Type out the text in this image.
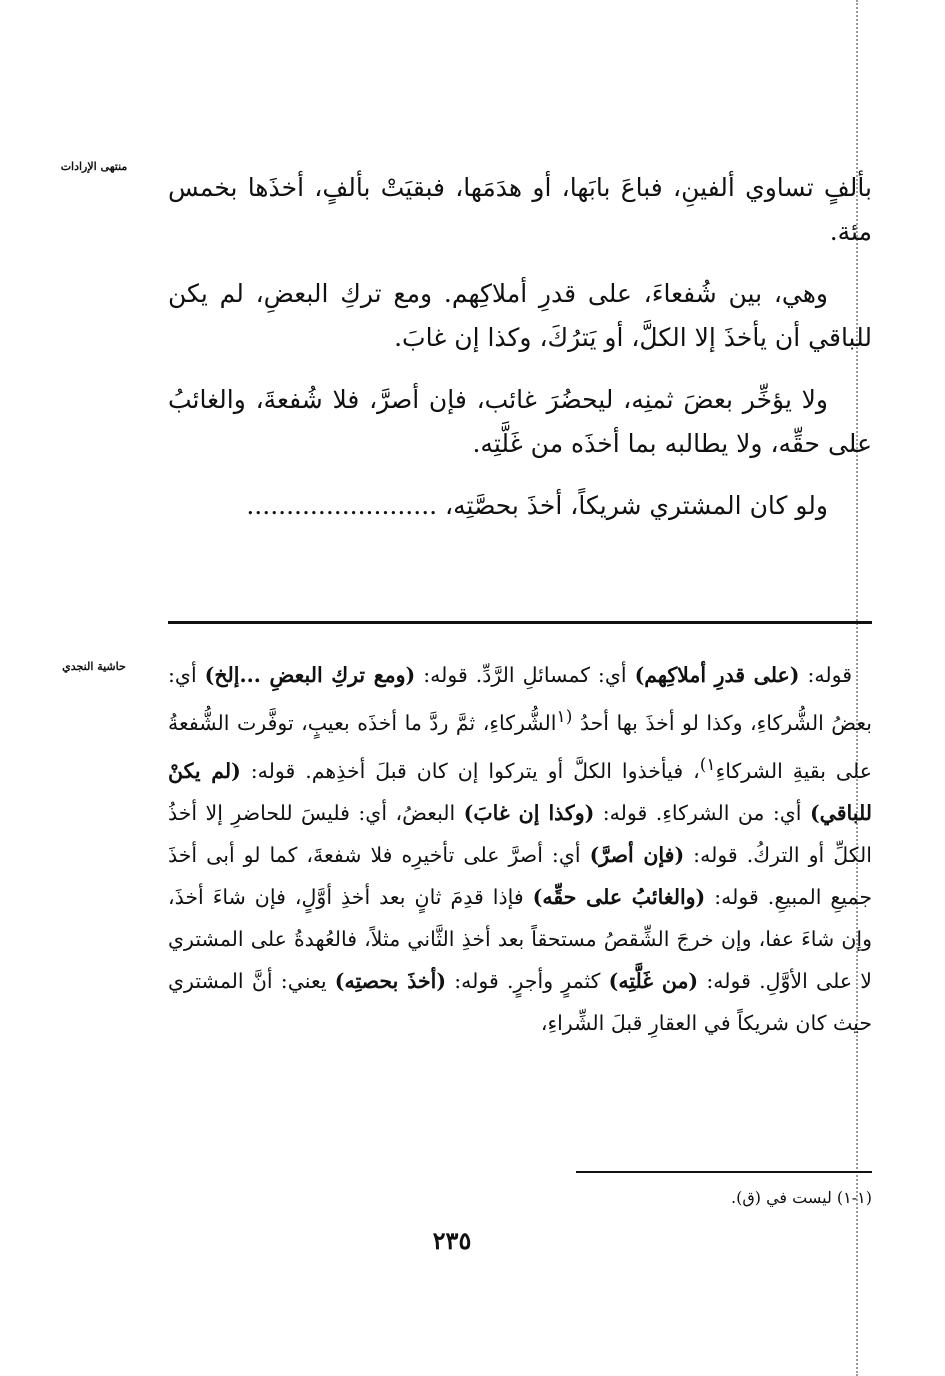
منتهى الإرادات
حاشية النجدي

بألفٍ تساوي ألفينِ، فباعَ بابَها، أو هدَمَها، فبقيَتْ بألفٍ، أخذَها بخمس مئة.

وهي، بين شُفعاءَ، على قدرِ أملاكِهم. ومع تركِ البعضِ، لم يكن للباقي أن يأخذَ إلا الكلَّ، أو يَترُكَ، وكذا إن غابَ.

ولا يؤخِّر بعضَ ثمنِه، ليحضُرَ غائب، فإن أصرَّ، فلا شُفعةَ، والغائبُ على حقِّه، ولا يطالبه بما أخذَه من غَلَّتِه.

ولو كان المشتري شريكاً، أخذَ بحصَّتِه، ........................

قوله: (على قدرِ أملاكِهم) أي: كمسائلِ الرَّدِّ. قوله: (ومع تركِ البعضِ ...إلخ) أي: بعضُ الشُّركاءِ، وكذا لو أخذَ بها أحدُ $^{(١}$الشُّركاءِ، ثمَّ ردَّ ما أخذَه بعيبٍ، توفَّرت الشُّفعةُ على بقيةِ الشركاءِ$^{١)}$، فيأخذوا الكلَّ أو يتركوا إن كان قبلَ أخذِهم. قوله: (لم يكنْ للباقي) أي: من الشركاءِ. قوله: (وكذا إن غابَ) البعضُ، أي: فليسَ للحاضرِ إلا أخذُ الكلِّ أو التركُ. قوله: (فإن أصرَّ) أي: أصرَّ على تأخيرِه فلا شفعةَ، كما لو أبى أخذَ جميعِ المبيعِ. قوله: (والغائبُ على حقِّه) فإذا قدِمَ ثانٍ بعد أخذِ أوَّلٍ، فإن شاءَ أخذَ، وإن شاءَ عفا، وإن خرجَ الشِّقصُ مستحقاً بعد أخذِ الثَّاني مثلاً، فالعُهدةُ على المشتري لا على الأوَّلِ. قوله: (من غَلَّتِه) كثمرٍ وأجرٍ. قوله: (أخذَ بحصتِه) يعني: أنَّ المشتري حيث كان شريكاً في العقارِ قبلَ الشِّراءِ،

(١-١) ليست في (ق).
٢٣٥
